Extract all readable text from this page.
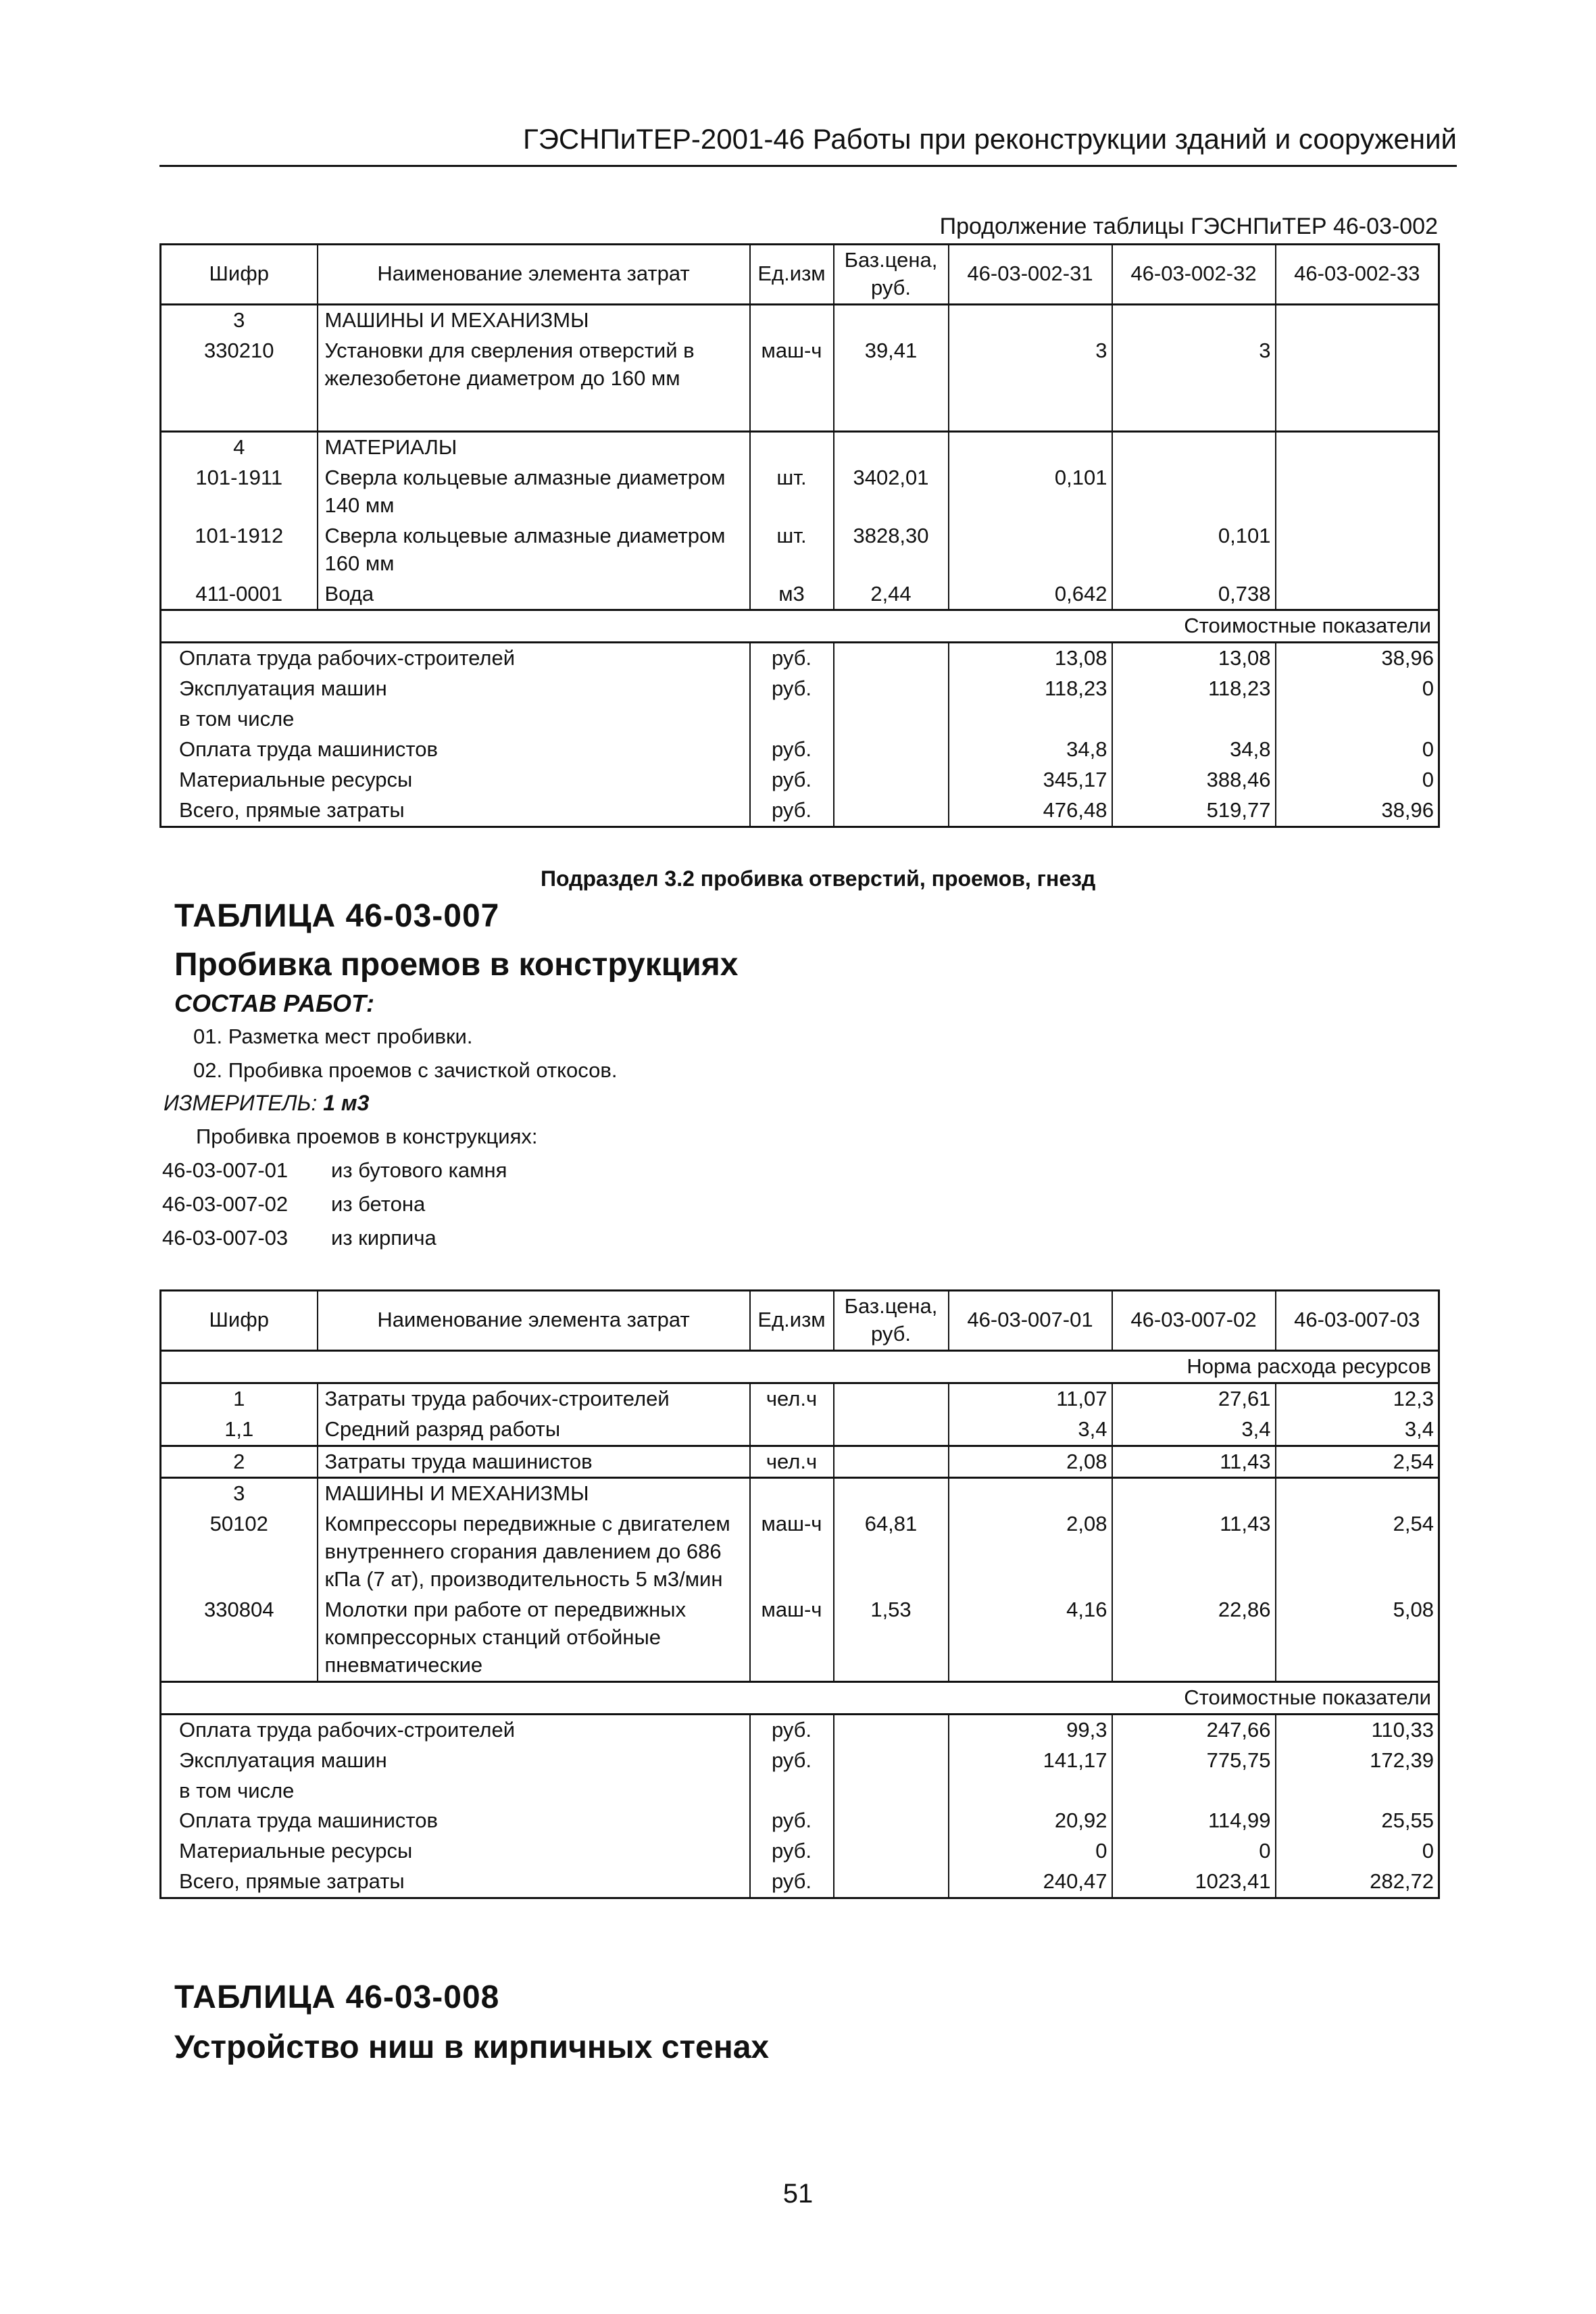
ГЭСНПиТЕР-2001-46 Работы при реконструкции зданий и сооружений
Продолжение таблицы ГЭСНПиТЕР 46-03-002
Шифр	Наименование элемента затрат	Ед.изм	Баз.цена, руб.	46-03-002-31	46-03-002-32	46-03-002-33
3	МАШИНЫ И МЕХАНИЗМЫ					
330210	Установки для сверления отверстий в железобетоне диаметром до 160 мм	маш-ч	39,41	3	3	

4	МАТЕРИАЛЫ					
101-1911	Сверла кольцевые алмазные диаметром 140 мм	шт.	3402,01	0,101		
101-1912	Сверла кольцевые алмазные диаметром 160 мм	шт.	3828,30		0,101	
411-0001	Вода	м3	2,44	0,642	0,738	
Стоимостные показатели						
Оплата труда рабочих-строителей		руб.		13,08	13,08	38,96
Эксплуатация машин		руб.		118,23	118,23	0
в том числе						
Оплата труда машинистов		руб.		34,8	34,8	0
Материальные ресурсы		руб.		345,17	388,46	0
Всего, прямые затраты		руб.		476,48	519,77	38,96
Подраздел 3.2 пробивка отверстий, проемов, гнезд
ТАБЛИЦА 46-03-007
Пробивка проемов в конструкциях
СОСТАВ РАБОТ:
01. Разметка мест пробивки.
02. Пробивка проемов с зачисткой откосов.
ИЗМЕРИТЕЛЬ: 1 м3
Пробивка проемов в конструкциях:
46-03-007-01 из бутового камня
46-03-007-02 из бетона
46-03-007-03 из кирпича
Шифр	Наименование элемента затрат	Ед.изм	Баз.цена, руб.	46-03-007-01	46-03-007-02	46-03-007-03
Норма расхода ресурсов						
1	Затраты труда рабочих-строителей	чел.ч		11,07	27,61	12,3
1,1	Средний разряд работы			3,4	3,4	3,4
2	Затраты труда машинистов	чел.ч		2,08	11,43	2,54
3	МАШИНЫ И МЕХАНИЗМЫ					
50102	Компрессоры передвижные с двигателем внутреннего сгорания давлением до 686 кПа (7 ат), производительность 5 м3/мин	маш-ч	64,81	2,08	11,43	2,54
330804	Молотки при работе от передвижных компрессорных станций отбойные пневматические	маш-ч	1,53	4,16	22,86	5,08
Стоимостные показатели						
Оплата труда рабочих-строителей		руб.		99,3	247,66	110,33
Эксплуатация машин		руб.		141,17	775,75	172,39
в том числе						
Оплата труда машинистов		руб.		20,92	114,99	25,55
Материальные ресурсы		руб.		0	0	0
Всего, прямые затраты		руб.		240,47	1023,41	282,72
ТАБЛИЦА 46-03-008
Устройство ниш в кирпичных стенах
51
